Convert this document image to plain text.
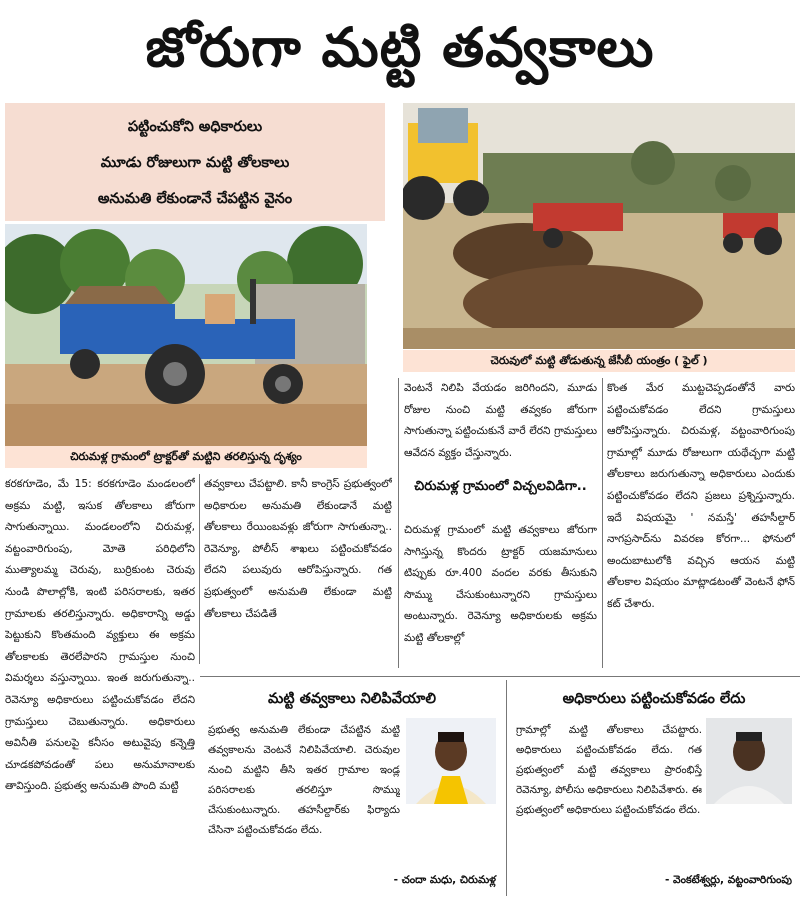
జోరుగా మట్టి తవ్వకాలు
పట్టించుకోని అధికారులు
మూడు రోజులుగా మట్టి తోలకాలు
అనుమతి లేకుండానే చేపట్టిన వైనం
చిరుమళ్ల గ్రామంలో ట్రాక్టర్‌తో మట్టిని తరలిస్తున్న దృశ్యం
చెరువులో మట్టి తోడుతున్న జేసీబీ యంత్రం ( ఫైల్ )

కరకగూడెం, మే 15: కరకగూడెం మండలంలో అక్రమ మట్టి, ఇసుక తోలకాలు జోరుగా సాగుతున్నాయి. మండలంలోని చిరుమళ్ల, వట్టంవారిగుంపు, మోతె పరిధిలోని ముత్యాలమ్మ చెరువు, బుర్రికుంట చెరువు నుండి పొలాల్లోకి, ఇంటి పరిసరాలకు, ఇతర గ్రామాలకు తరలిస్తున్నారు. అధికారాన్ని అడ్డు పెట్టుకుని కొంతమంది వ్యక్తులు ఈ అక్రమ తోలకాలకు తెరలేపారని గ్రామస్తుల నుంచి విమర్శలు వస్తున్నాయి. ఇంత జరుగుతున్నా.. రెవెన్యూ అధికారులు పట్టించుకోవడం లేదని గ్రామస్తులు చెబుతున్నారు. అధికారులు అవినీతి పనులపై కనీసం అటువైపు కన్నెత్తి చూడకపోవడంతో పలు అనుమానాలకు తావిస్తుంది. ప్రభుత్వ అనుమతి పొంది మట్టి

తవ్వకాలు చేపట్టాలి. కానీ కాంగ్రెస్ ప్రభుత్వంలో అధికారుల అనుమతి లేకుండానే మట్టి తోలకాలు రేయింబవళ్లు జోరుగా సాగుతున్నా.. రెవెన్యూ, పోలీస్ శాఖలు పట్టించుకోవడం లేదని పలువురు ఆరోపిస్తున్నారు. గత ప్రభుత్వంలో అనుమతి లేకుండా మట్టి తోలకాలు చేపడితే

వెంటనే నిలిపి వేయడం జరిగిందని, మూడు రోజుల నుంచి మట్టి తవ్వకం జోరుగా సాగుతున్నా పట్టించుకునే వారే లేరని గ్రామస్తులు ఆవేదన వ్యక్తం చేస్తున్నారు.

చిరుమళ్ల గ్రామంలో విచ్చలవిడిగా..

చిరుమళ్ల గ్రామంలో మట్టి తవ్వకాలు జోరుగా సాగిస్తున్న కొందరు ట్రాక్టర్ యజమానులు టిప్పుకు రూ.400 వందల వరకు తీసుకుని సొమ్ము చేసుకుంటున్నారని గ్రామస్తులు అంటున్నారు. రెవెన్యూ అధికారులకు అక్రమ మట్టి తోలకాల్లో

కొంత మేర ముట్టచెప్పడంతోనే వారు పట్టించుకోవడం లేదని గ్రామస్తులు ఆరోపిస్తున్నారు. చిరుమళ్ల, వట్టంవారిగుంపు గ్రామాల్లో మూడు రోజులుగా యథేచ్చగా మట్టి తోలకాలు జరుగుతున్నా అధికారులు ఎందుకు పట్టించుకోవడం లేదని ప్రజలు ప్రశ్నిస్తున్నారు. ఇదే విషయమై ' నమస్తే' తహసీల్దార్ నాగప్రసాద్‌ను వివరణ కోరగా... ఫోనులో అందుబాటులోకి వచ్చిన ఆయన మట్టి తోలకాల విషయం మాట్లాడటంతో వెంటనే ఫోన్ కట్ చేశారు.

మట్టి తవ్వకాలు నిలిపివేయాలి
ప్రభుత్వ అనుమతి లేకుండా చేపట్టిన మట్టి తవ్వకాలను వెంటనే నిలిపివేయాలి. చెరువుల నుంచి మట్టిని తీసి ఇతర గ్రామాల ఇండ్ల పరిసరాలకు తరలిస్తూ సొమ్ము చేసుకుంటున్నారు. తహసీల్దార్‌కు ఫిర్యాదు చేసినా పట్టించుకోవడం లేదు.
- చందా మధు, చిరుమళ్ల
అధికారులు పట్టించుకోవడం లేదు
గ్రామాల్లో మట్టి తోలకాలు చేపట్టారు. అధికారులు పట్టించుకోవడం లేదు. గత ప్రభుత్వంలో మట్టి తవ్వకాలు ప్రారంభిస్తే రెవెన్యూ, పోలీసు అధికారులు నిలిపివేశారు. ఈ ప్రభుత్వంలో అధికారులు పట్టించుకోవడం లేదు.
- వెంకటేశ్వర్లు, వట్టంవారిగుంపు
